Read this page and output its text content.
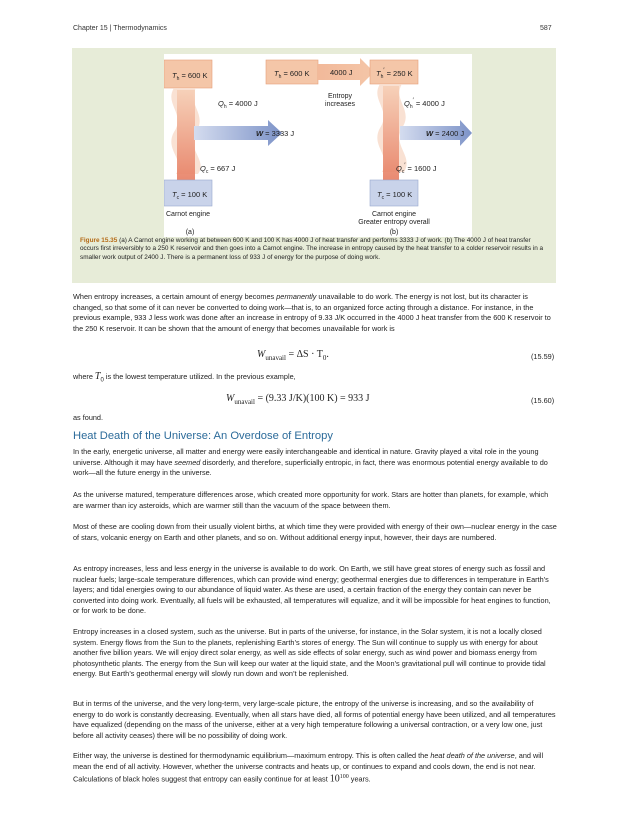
Chapter 15 | Thermodynamics	587
$T_h = 600$ K
$Q_h = 4000$ J
W = 3333 J
$Q_c = 667$ J
$T_c = 100$ K
Carnot engine
(a)
$T_h = 600$ K	4000 J
Entropy
increases
$T_h' = 250$ K
$Q_h' = 4000$ J
W = 2400 J
$Q_c' = 1600$ J
$T_c = 100$ K
Carnot engine
Greater entropy overall
(b)
Figure 15.35 (a) A Carnot engine working at between 600 K and 100 K has 4000 J of heat transfer and performs 3333 J of work. (b) The 4000 J of heat transfer occurs first irreversibly to a 250 K reservoir and then goes into a Carnot engine. The increase in entropy caused by the heat transfer to a colder reservoir results in a smaller work output of 2400 J. There is a permanent loss of 933 J of energy for the purpose of doing work.

When entropy increases, a certain amount of energy becomes permanently unavailable to do work. The energy is not lost, but its character is changed, so that some of it can never be converted to doing work—that is, to an organized force acting through a distance. For instance, in the previous example, 933 J less work was done after an increase in entropy of 9.33 J/K occurred in the 4000 J heat transfer from the 600 K reservoir to the 250 K reservoir. It can be shown that the amount of energy that becomes unavailable for work is

$W_{unavail} = \Delta S \cdot T_0$.	(15.59)

where $T_0$ is the lowest temperature utilized. In the previous example,

$W_{unavail} = (9.33$ J/K)(100 K) = 933 J	(15.60)

as found.

Heat Death of the Universe: An Overdose of Entropy

In the early, energetic universe, all matter and energy were easily interchangeable and identical in nature. Gravity played a vital role in the young universe. Although it may have seemed disorderly, and therefore, superficially entropic, in fact, there was enormous potential energy available to do work—all the future energy in the universe.

As the universe matured, temperature differences arose, which created more opportunity for work. Stars are hotter than planets, for example, which are warmer than icy asteroids, which are warmer still than the vacuum of the space between them.

Most of these are cooling down from their usually violent births, at which time they were provided with energy of their own—nuclear energy in the case of stars, volcanic energy on Earth and other planets, and so on. Without additional energy input, however, their days are numbered.

As entropy increases, less and less energy in the universe is available to do work. On Earth, we still have great stores of energy such as fossil and nuclear fuels; large-scale temperature differences, which can provide wind energy; geothermal energies due to differences in temperature in Earth’s layers; and tidal energies owing to our abundance of liquid water. As these are used, a certain fraction of the energy they contain can never be converted into doing work. Eventually, all fuels will be exhausted, all temperatures will equalize, and it will be impossible for heat engines to function, or for work to be done.

Entropy increases in a closed system, such as the universe. But in parts of the universe, for instance, in the Solar system, it is not a locally closed system. Energy flows from the Sun to the planets, replenishing Earth’s stores of energy. The Sun will continue to supply us with energy for about another five billion years. We will enjoy direct solar energy, as well as side effects of solar energy, such as wind power and biomass energy from photosynthetic plants. The energy from the Sun will keep our water at the liquid state, and the Moon’s gravitational pull will continue to provide tidal energy. But Earth’s geothermal energy will slowly run down and won’t be replenished.

But in terms of the universe, and the very long-term, very large-scale picture, the entropy of the universe is increasing, and so the availability of energy to do work is constantly decreasing. Eventually, when all stars have died, all forms of potential energy have been utilized, and all temperatures have equalized (depending on the mass of the universe, either at a very high temperature following a universal contraction, or a very low one, just before all activity ceases) there will be no possibility of doing work.

Either way, the universe is destined for thermodynamic equilibrium—maximum entropy. This is often called the heat death of the universe, and will mean the end of all activity. However, whether the universe contracts and heats up, or continues to expand and cools down, the end is not near. Calculations of black holes suggest that entropy can easily continue for at least $10^{100}$ years.
